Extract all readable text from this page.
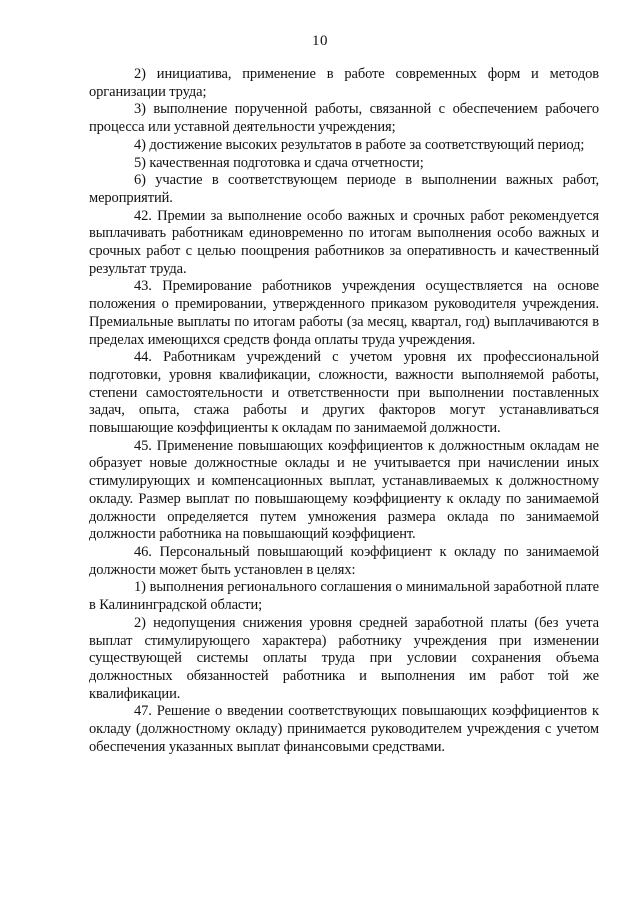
10

2) инициатива, применение в работе современных форм и методов организации труда;

3) выполнение порученной работы, связанной с обеспечением рабочего процесса или уставной деятельности учреждения;

4) достижение высоких результатов в работе за соответствующий период;

5) качественная подготовка и сдача отчетности;

6) участие в соответствующем периоде в выполнении важных работ, мероприятий.

42. Премии за выполнение особо важных и срочных работ рекомендуется выплачивать работникам единовременно по итогам выполнения особо важных и срочных работ с целью поощрения работников за оперативность и качественный результат труда.

43. Премирование работников учреждения осуществляется на основе положения о премировании, утвержденного приказом руководителя учреждения. Премиальные выплаты по итогам работы (за месяц, квартал, год) выплачиваются в пределах имеющихся средств фонда оплаты труда учреждения.

44. Работникам учреждений с учетом уровня их профессиональной подготовки, уровня квалификации, сложности, важности выполняемой работы, степени самостоятельности и ответственности при выполнении поставленных задач, опыта, стажа работы и других факторов могут устанавливаться повышающие коэффициенты к окладам по занимаемой должности.

45. Применение повышающих коэффициентов к должностным окладам не образует новые должностные оклады и не учитывается при начислении иных стимулирующих и компенсационных выплат, устанавливаемых к должностному окладу. Размер выплат по повышающему коэффициенту к окладу по занимаемой должности определяется путем умножения размера оклада по занимаемой должности работника на повышающий коэффициент.

46. Персональный повышающий коэффициент к окладу по занимаемой должности может быть установлен в целях:

1) выполнения регионального соглашения о минимальной заработной плате в Калининградской области;

2) недопущения снижения уровня средней заработной платы (без учета выплат стимулирующего характера) работнику учреждения при изменении существующей системы оплаты труда при условии сохранения объема должностных обязанностей работника и выполнения им работ той же квалификации.

47. Решение о введении соответствующих повышающих коэффициентов к окладу (должностному окладу) принимается руководителем учреждения с учетом обеспечения указанных выплат финансовыми средствами.
